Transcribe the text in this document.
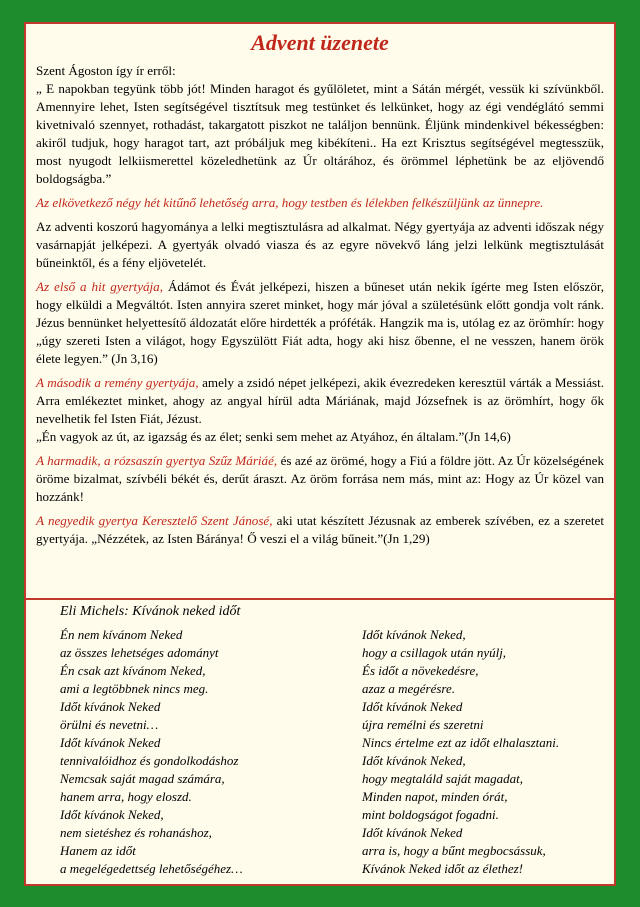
Advent üzenete

Szent Ágoston így ír erről:

„ E napokban tegyünk több jót! Minden haragot és gyűlöletet, mint a Sátán mérgét, vessük ki szívünkből. Amennyire lehet, Isten segítségével tisztítsuk meg testünket és lelkünket, hogy az égi vendéglátó semmi kivetnivaló szennyet, rothadást, takargatott piszkot ne találjon bennünk. Éljünk mindenkivel békességben: akiről tudjuk, hogy haragot tart, azt próbáljuk meg kibékíteni.. Ha ezt Krisztus segítségével megtesszük, most nyugodt lelkiismerettel közeledhetünk az Úr oltárához, és örömmel léphetünk be az eljövendő boldogságba.”

Az elkövetkező négy hét kitűnő lehetőség arra, hogy testben és lélekben felkészüljünk az ünnepre.

Az adventi koszorú hagyománya a lelki megtisztulásra ad alkalmat. Négy gyertyája az adventi időszak négy vasárnapját jelképezi. A gyertyák olvadó viasza és az egyre növekvő láng jelzi lelkünk megtisztulását bűneinktől, és a fény eljövetelét.

Az első a hit gyertyája, Ádámot és Évát jelképezi, hiszen a bűneset után nekik ígérte meg Isten először, hogy elküldi a Megváltót. Isten annyira szeret minket, hogy már jóval a születésünk előtt gondja volt ránk. Jézus bennünket helyettesítő áldozatát előre hirdették a próféták. Hangzik ma is, utólag ez az örömhír: hogy „úgy szereti Isten a világot, hogy Egyszülött Fiát adta, hogy aki hisz őbenne, el ne vesszen, hanem örök élete legyen.” (Jn 3,16)

A második a remény gyertyája, amely a zsidó népet jelképezi, akik évezredeken keresztül várták a Messiást. Arra emlékeztet minket, ahogy az angyal hírül adta Máriának, majd Józsefnek is az örömhírt, hogy ők nevelhetik fel Isten Fiát, Jézust.

„Én vagyok az út, az igazság és az élet; senki sem mehet az Atyához, én általam.”(Jn 14,6)

A harmadik, a rózsaszín gyertya Szűz Máriáé, és azé az örömé, hogy a Fiú a földre jött. Az Úr közelségének öröme bizalmat, szívbéli békét és, derűt áraszt. Az öröm forrása nem más, mint az: Hogy az Úr közel van hozzánk!

A negyedik gyertya Keresztelő Szent Jánosé, aki utat készített Jézusnak az emberek szívében, ez a szeretet gyertyája. „Nézzétek, az Isten Báránya! Ő veszi el a világ bűneit.”(Jn 1,29)

Eli Michels: Kívánok neked időt
Én nem kívánom Neked
az összes lehetséges adományt
Én csak azt kívánom Neked,
ami a legtöbbnek nincs meg.
Időt kívánok Neked
örülni és nevetni…
Időt kívánok Neked
tennivalóidhoz és gondolkodáshoz
Nemcsak saját magad számára,
hanem arra, hogy eloszd.
Időt kívánok Neked,
nem sietéshez és rohanáshoz,
Hanem az időt
a megelégedettség lehetőségéhez…
Időt kívánok Neked,
hogy a csillagok után nyúlj,
És időt a növekedésre,
azaz a megérésre.
Időt kívánok Neked
újra remélni és szeretni
Nincs értelme ezt az időt elhalasztani.
Időt kívánok Neked,
hogy megtaláld saját magadat,
Minden napot, minden órát,
mint boldogságot fogadni.
Időt kívánok Neked
arra is, hogy a bűnt megbocsássuk,
Kívánok Neked időt az élethez!
